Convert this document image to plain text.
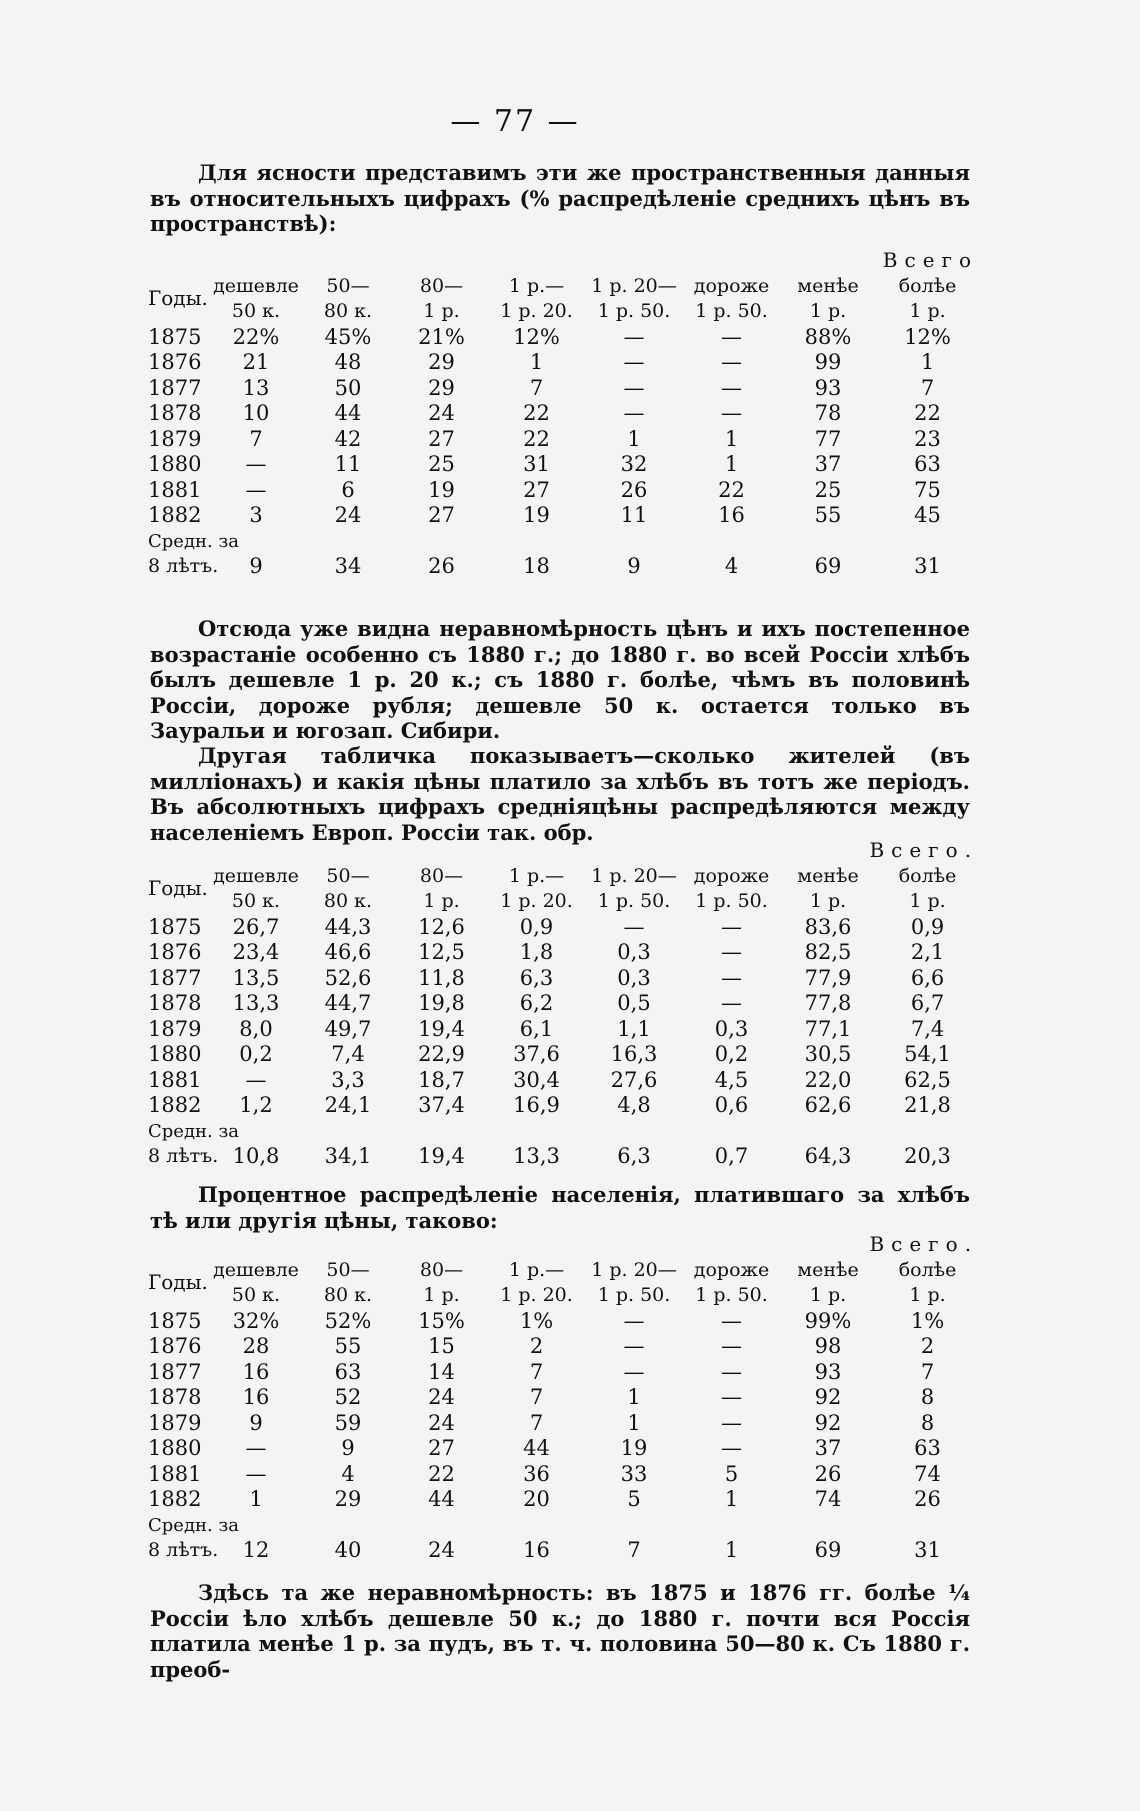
— 77 —
Для ясности представимъ эти же пространственныя данныя въ относительныхъ цифрахъ (% распредѣленіе среднихъ цѣнъ въ пространствѣ):
Всего								
Годы.	дешевле	50—	80—	1 р.—	1 р. 20—	дороже	менѣе	болѣе
	50 к.	80 к.	1 р.	1 р. 20.	1 р. 50.	1 р. 50.	1 р.	1 р.
1875	22%	45%	21%	12%	—	—	88%	12%
1876	21	48	29	1	—	—	99	1
1877	13	50	29	7	—	—	93	7
1878	10	44	24	22	—	—	78	22
1879	7	42	27	22	1	1	77	23
1880	—	11	25	31	32	1	37	63
1881	—	6	19	27	26	22	25	75
1882	3	24	27	19	11	16	55	45
Средн. за								
8 лѣтъ.	9	34	26	18	9	4	69	31
Отсюда уже видна неравномѣрность цѣнъ и ихъ постепенное возрастаніе особенно съ 1880 г.; до 1880 г. во всей Россіи хлѣбъ былъ дешевле 1 р. 20 к.; съ 1880 г. болѣе, чѣмъ въ половинѣ Россіи, дороже рубля; дешевле 50 к. остается только въ Зауральи и югозап. Сибири.
Другая табличка показываетъ—сколько жителей (въ милліонахъ) и какія цѣны платило за хлѣбъ въ тотъ же періодъ. Въ абсолютныхъ цифрахъ средніяцѣны распредѣляются между населеніемъ Европ. Россіи так. обр.
Всего.								
Годы.	дешевле	50—	80—	1 р.—	1 р. 20—	дороже	менѣе	болѣе
	50 к.	80 к.	1 р.	1 р. 20.	1 р. 50.	1 р. 50.	1 р.	1 р.
1875	26,7	44,3	12,6	0,9	—	—	83,6	0,9
1876	23,4	46,6	12,5	1,8	0,3	—	82,5	2,1
1877	13,5	52,6	11,8	6,3	0,3	—	77,9	6,6
1878	13,3	44,7	19,8	6,2	0,5	—	77,8	6,7
1879	8,0	49,7	19,4	6,1	1,1	0,3	77,1	7,4
1880	0,2	7,4	22,9	37,6	16,3	0,2	30,5	54,1
1881	—	3,3	18,7	30,4	27,6	4,5	22,0	62,5
1882	1,2	24,1	37,4	16,9	4,8	0,6	62,6	21,8
Средн. за								
8 лѣтъ.	10,8	34,1	19,4	13,3	6,3	0,7	64,3	20,3
Процентное распредѣленіе населенія, платившаго за хлѣбъ тѣ или другія цѣны, таково:
Всего.								
Годы.	дешевле	50—	80—	1 р.—	1 р. 20—	дороже	менѣе	болѣе
	50 к.	80 к.	1 р.	1 р. 20.	1 р. 50.	1 р. 50.	1 р.	1 р.
1875	32%	52%	15%	1%	—	—	99%	1%
1876	28	55	15	2	—	—	98	2
1877	16	63	14	7	—	—	93	7
1878	16	52	24	7	1	—	92	8
1879	9	59	24	7	1	—	92	8
1880	—	9	27	44	19	—	37	63
1881	—	4	22	36	33	5	26	74
1882	1	29	44	20	5	1	74	26
Средн. за								
8 лѣтъ.	12	40	24	16	7	1	69	31
Здѣсь та же неравномѣрность: въ 1875 и 1876 гг. болѣе ¼ Россіи ѣло хлѣбъ дешевле 50 к.; до 1880 г. почти вся Россія платила менѣе 1 р. за пудъ, въ т. ч. половина 50—80 к. Съ 1880 г. преоб-
